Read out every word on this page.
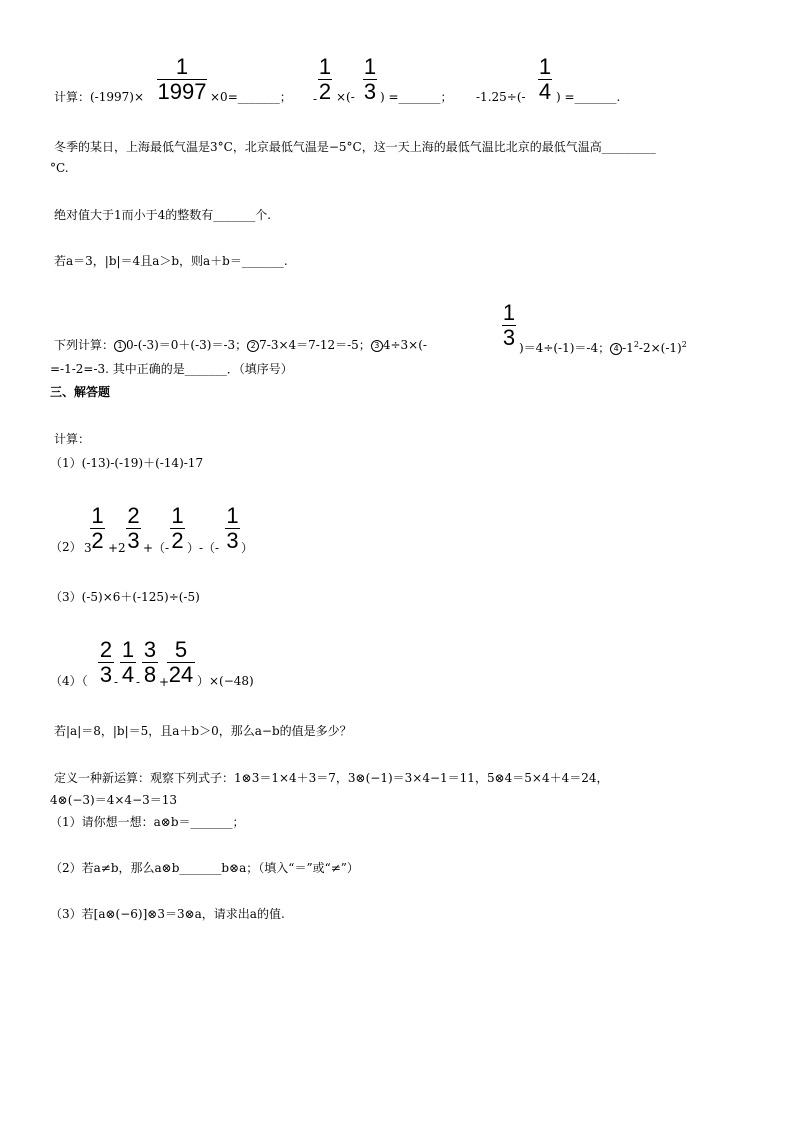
计算：(-1997)×
1
1997 ×0=_______； -
1
2 ×(-
1
3 ) =_______； -1.25÷(-
1
4 ) =_______.
冬季的某日，上海最低气温是3°C，北京最低气温是−5°C，这一天上海的最低气温比北京的最低气温高_________
°C.
绝对值大于1而小于4的整数有_______个.
若a＝3，|b|＝4且a＞b，则a＋b＝_______.
1
3
下列计算： 1 0-(-3)＝0＋(-3)＝-3； 2 7-3×4＝7-12＝-5； 3 4÷3×(-	)＝4÷(-1)＝-4； 4 $-1^2-2\times(-1)^2$
=-1-2=-3. 其中正确的是_______．（填序号）
三、解答题
计算：
（1）(-13)-(-19)＋(-14)-17
（2） 3
1
2 +2
2
3 +（-
1
2 ）-（-
1
3 ）
（3）(-5)×6＋(-125)÷(-5)
（4）（
2
3 -
1
4 -
3
8 +
5
24 ）×(−48)
若|a|＝8，|b|＝5，且a＋b＞0，那么a−b的值是多少？
定义一种新运算：观察下列式子：1⊗3＝1×4＋3＝7，3⊗(−1)＝3×4−1＝11，5⊗4＝5×4＋4＝24，
4⊗(−3)＝4×4−3＝13
（1）请你想一想：a⊗b＝_______；
（2）若a≠b，那么a⊗b_______b⊗a；（填入“＝”或“≠”）
（3）若[a⊗(−6)]⊗3＝3⊗a，请求出a的值.
